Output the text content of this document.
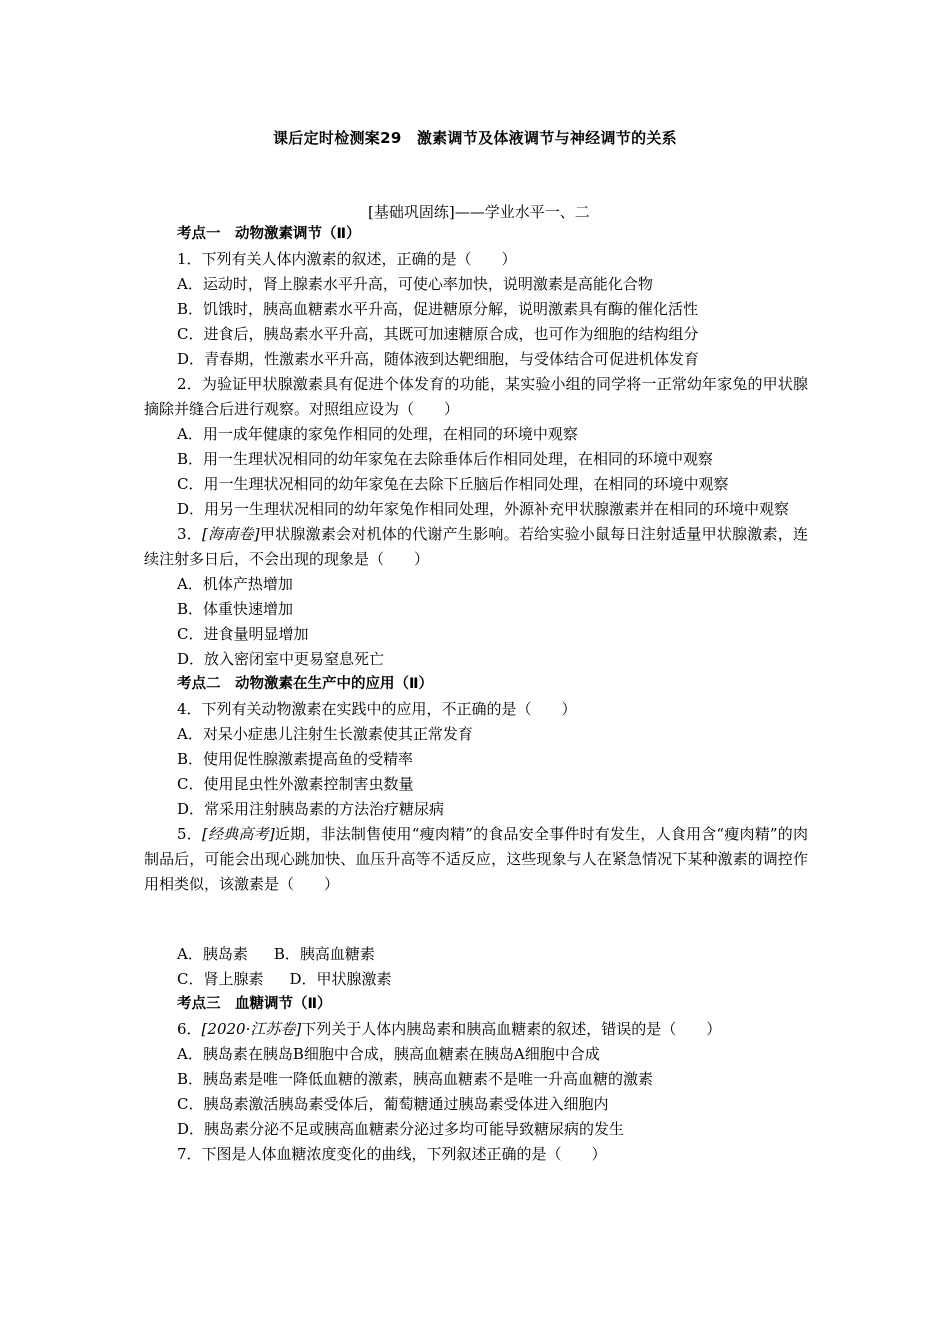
课后定时检测案29　激素调节及体液调节与神经调节的关系
[基础巩固练]——学业水平一、二
考点一　动物激素调节（Ⅱ）
1．下列有关人体内激素的叙述，正确的是（　　）
A．运动时，肾上腺素水平升高，可使心率加快，说明激素是高能化合物
B．饥饿时，胰高血糖素水平升高，促进糖原分解，说明激素具有酶的催化活性
C．进食后，胰岛素水平升高，其既可加速糖原合成，也可作为细胞的结构组分
D．青春期，性激素水平升高，随体液到达靶细胞，与受体结合可促进机体发育
2．为验证甲状腺激素具有促进个体发育的功能，某实验小组的同学将一正常幼年家兔的甲状腺摘除并缝合后进行观察。对照组应设为（　　）
A．用一成年健康的家兔作相同的处理，在相同的环境中观察
B．用一生理状况相同的幼年家兔在去除垂体后作相同处理，在相同的环境中观察
C．用一生理状况相同的幼年家兔在去除下丘脑后作相同处理，在相同的环境中观察
D．用另一生理状况相同的幼年家兔作相同处理，外源补充甲状腺激素并在相同的环境中观察
3．[海南卷]甲状腺激素会对机体的代谢产生影响。若给实验小鼠每日注射适量甲状腺激素，连续注射多日后，不会出现的现象是（　　）
A．机体产热增加
B．体重快速增加
C．进食量明显增加
D．放入密闭室中更易窒息死亡
考点二　动物激素在生产中的应用（Ⅱ）
4．下列有关动物激素在实践中的应用，不正确的是（　　）
A．对呆小症患儿注射生长激素使其正常发育
B．使用促性腺激素提高鱼的受精率
C．使用昆虫性外激素控制害虫数量
D．常采用注射胰岛素的方法治疗糖尿病
5．[经典高考]近期，非法制售使用“瘦肉精”的食品安全事件时有发生，人食用含“瘦肉精”的肉制品后，可能会出现心跳加快、血压升高等不适反应，这些现象与人在紧急情况下某种激素的调控作用相类似，该激素是（　　）
A．胰岛素 B．胰高血糖素
C．肾上腺素 D．甲状腺激素
考点三　血糖调节（Ⅱ）
6．[2020·江苏卷]下列关于人体内胰岛素和胰高血糖素的叙述，错误的是（　　）
A．胰岛素在胰岛B细胞中合成，胰高血糖素在胰岛A细胞中合成
B．胰岛素是唯一降低血糖的激素，胰高血糖素不是唯一升高血糖的激素
C．胰岛素激活胰岛素受体后，葡萄糖通过胰岛素受体进入细胞内
D．胰岛素分泌不足或胰高血糖素分泌过多均可能导致糖尿病的发生
7．下图是人体血糖浓度变化的曲线，下列叙述正确的是（　　）
